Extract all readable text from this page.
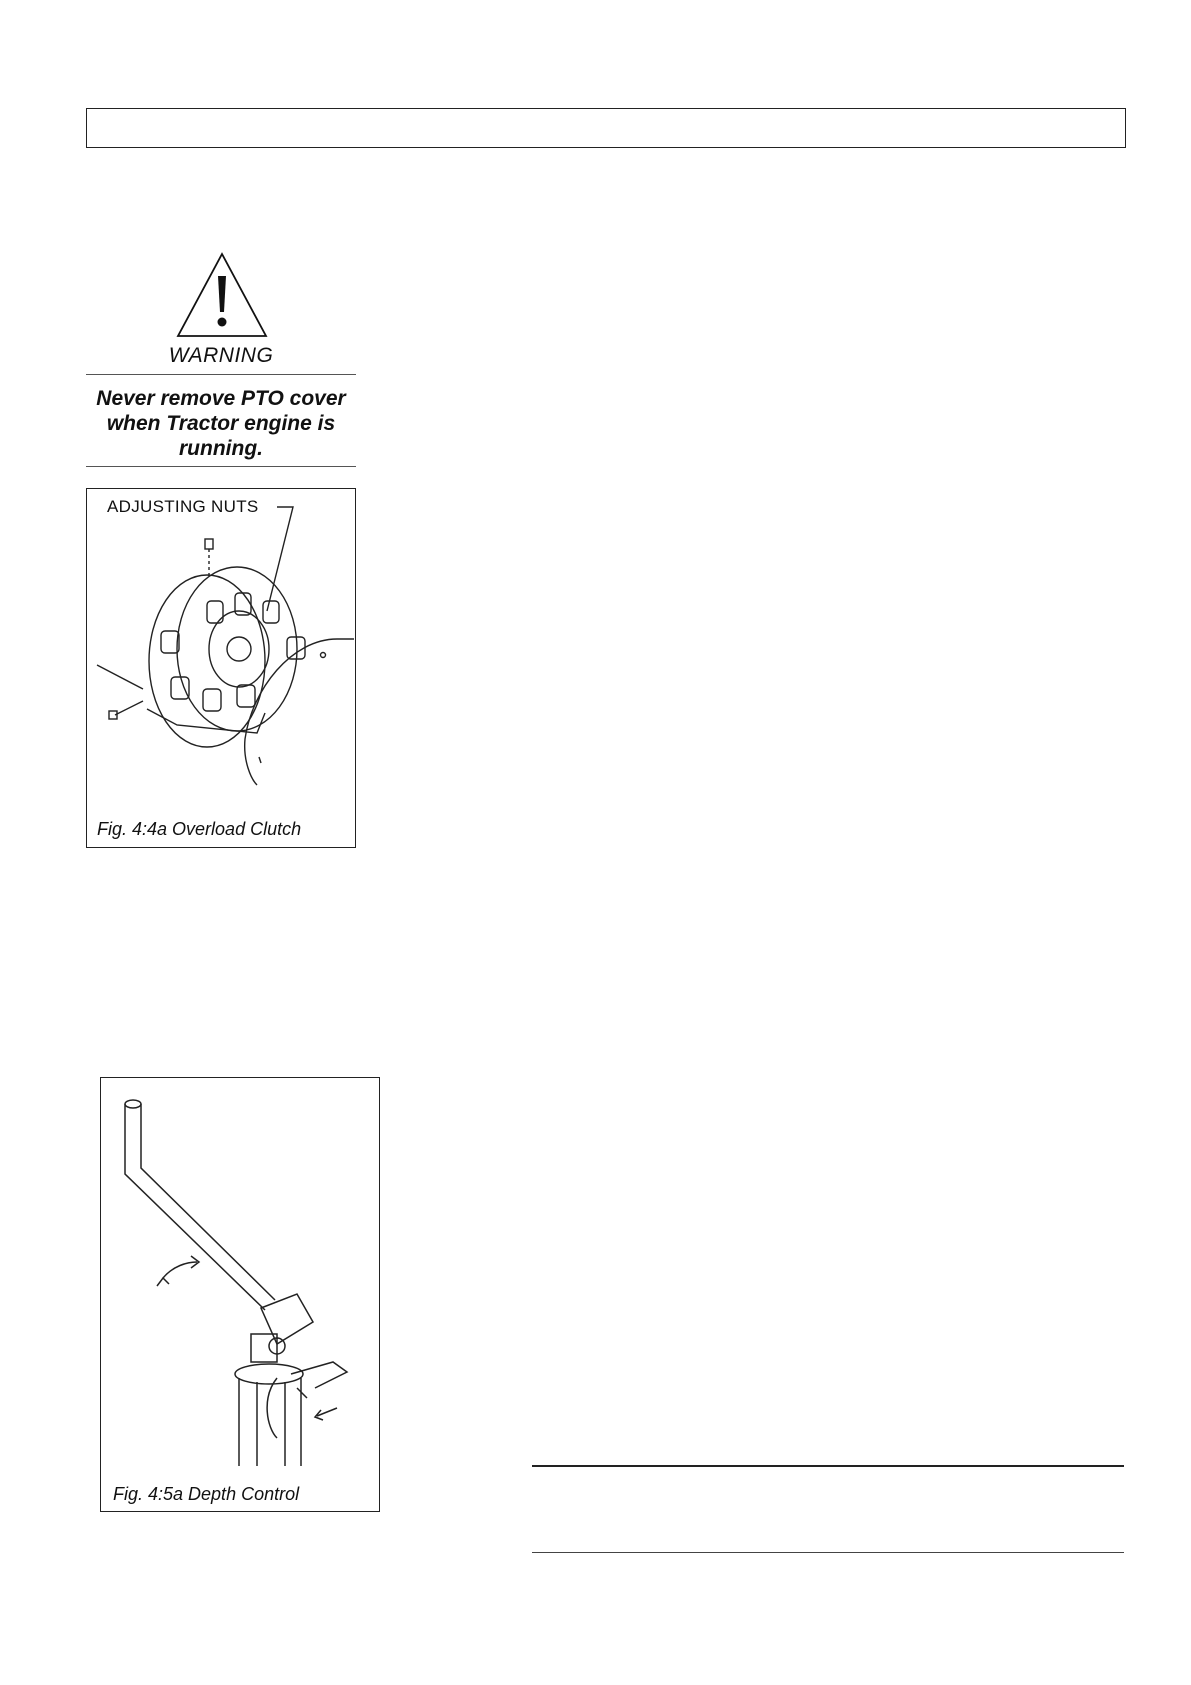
WARNING
Never remove PTO cover
when Tractor engine is
running.
ADJUSTING NUTS
Fig. 4:4a Overload Clutch
Fig. 4:5a Depth Control
